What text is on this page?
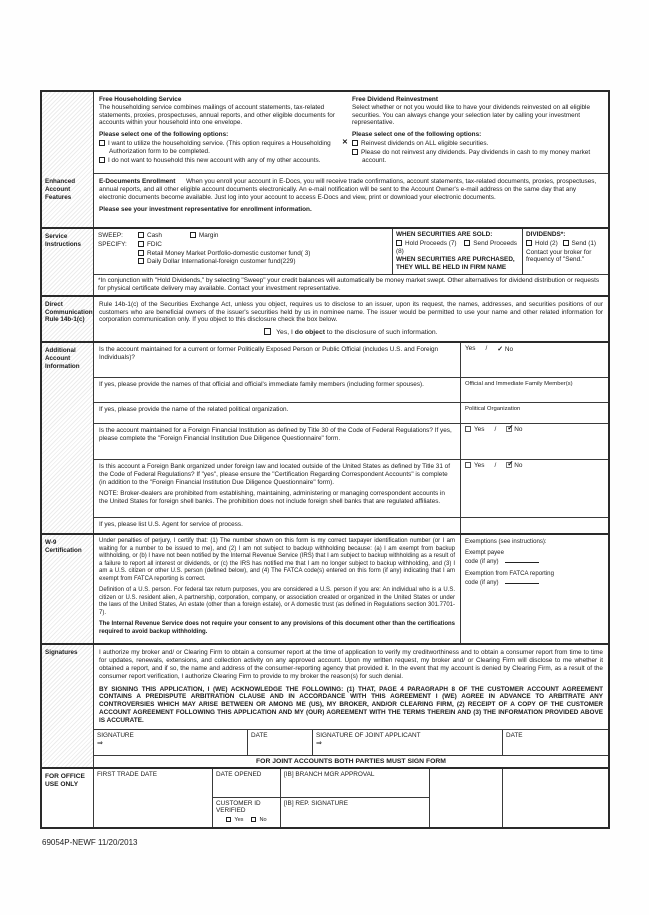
Enhanced Account Features
Free Householding Service
The householding service combines mailings of account statements, tax-related statements, proxies, prospectuses, annual reports, and other eligible documents for accounts within your household into one envelope.
Please select one of the following options:
I want to utilize the householding service. (This option requires a Householding Authorization form to be completed.
I do not want to household this new account with any of my other accounts.
Free Dividend Reinvestment
Select whether or not you would like to have your dividends reinvested on all eligible securities. You can always change your selection later by calling your investment representative.
Please select one of the following options:
✕Reinvest dividends on ALL eligible securities.
Please do not reinvest any dividends. Pay dividends in cash to my money market account.
E-Documents Enrollment When you enroll your account in E-Docs, you will receive trade confirmations, account statements, tax-related documents, proxies, prospectuses, annual reports, and all other eligible account documents electronically. An e-mail notification will be sent to the Account Owner's e-mail address on the same day that any electronic documents become available. Just log into your account to access E-Docs and view, print or download your electronic documents.
Please see your investment representative for enrollment information.
Service Instructions
SWEEP:	Cash	Margin
SPECIFY:	FDIC
Retail Money Market Portfolio-domestic customer fund( 3)
Daily Dollar International-foreign customer fund(229)
WHEN SECURITIES ARE SOLD:
Hold Proceeds (7)	Send Proceeds (8)
WHEN SECURITIES ARE PURCHASED, THEY WILL BE HELD IN FIRM NAME
DIVIDENDS*:
Hold (2) Send (1)
Contact your broker for frequency of "Send."
*In conjunction with "Hold Dividends," by selecting "Sweep" your credit balances will automatically be money market swept. Other alternatives for dividend distribution or requests for physical certificate delivery may available. Contact your investment representative.
Direct Communication Rule 14b-1(c)
Rule 14b-1(c) of the Securities Exchange Act, unless you object, requires us to disclose to an issuer, upon its request, the names, addresses, and securities positions of our customers who are beneficial owners of the issuer's securities held by us in nominee name. The issuer would be permitted to use your name and other related information for corporation communication only. If you object to this disclosure check the box below.
Yes, I do object to the disclosure of such information.
Additional Account Information
Is the account maintained for a current or former Politically Exposed Person or Public Official (includes U.S. and Foreign Individuals)?
Yes / ✓ No
If yes, please provide the names of that official and official's immediate family members (including former spouses).	Official and Immediate Family Member(s)
If yes, please provide the name of the related political organization.	Political Organization
Is the account maintained for a Foreign Financial Institution as defined by Title 30 of the Code of Federal Regulations? If yes, please complete the "Foreign Financial Institution Due Diligence Questionnaire" form.
Yes / ✓	No
Is this account a Foreign Bank organized under foreign law and located outside of the United States as defined by Title 31 of the Code of Federal Regulations? If "yes", please ensure the "Certification Regarding Correspondent Accounts" is complete (in addition to the "Foreign Financial Institution Due Diligence Questionnaire" form).
NOTE: Broker-dealers are prohibited from establishing, maintaining, administering or managing correspondent accounts in the United States for foreign shell banks. The prohibition does not include foreign shell banks that are regulated affiliates.
Yes / ✓	No
If yes, please list U.S. Agent for service of process.
W-9 Certification

Under penalties of perjury, I certify that: (1) The number shown on this form is my correct taxpayer identification number (or I am waiting for a number to be issued to me), and (2) I am not subject to backup withholding because: (a) I am exempt from backup withholding, or (b) I have not been notified by the Internal Revenue Service (IRS) that I am subject to backup withholding as a result of a failure to report all interest or dividends, or (c) the IRS has notified me that I am no longer subject to backup withholding, and (3) I am a U.S. citizen or other U.S. person (defined below), and (4) The FATCA code(s) entered on this form (if any) indicating that I am exempt from FATCA reporting is correct.

Definition of a U.S. person. For federal tax return purposes, you are considered a U.S. person if you are: An individual who is a U.S. citizen or U.S. resident alien, A partnership, corporation, company, or association created or organized in the United States or under the laws of the United States, An estate (other than a foreign estate), or A domestic trust (as defined in Regulations section 301.7701-7).

The Internal Revenue Service does not require your consent to any provisions of this document other than the certifications required to avoid backup withholding.

Exemptions (see instructions):
Exempt payee
code (if any)
Exemption from FATCA reporting
code (if any)
Signatures	I authorize my broker and/ or Clearing Firm to obtain a consumer report at the time of application to verify my creditworthiness and to obtain a consumer report from time to time for updates, renewals, extensions, and collection activity on any approved account. Upon my written request, my broker and/ or Clearing Firm will disclose to me whether it obtained a report, and if so, the name and address of the consumer-reporting agency that provided it. In the event that my account is denied by Clearing Firm, as a result of the consumer report verification, I authorize Clearing Firm to provide to my broker the reason(s) for such denial.

BY SIGNING THIS APPLICATION, I (WE) ACKNOWLEDGE THE FOLLOWING: (1) THAT, PAGE 4 PARAGRAPH 8 OF THE CUSTOMER ACCOUNT AGREEMENT CONTAINS A PREDISPUTE ARBITRATION CLAUSE AND IN ACCORDANCE WITH THIS AGREEMENT I (WE) AGREE IN ADVANCE TO ARBITRATE ANY CONTROVERSIES WHICH MAY ARISE BETWEEN OR AMONG ME (US), MY BROKER, AND/OR CLEARING FIRM, (2) RECEIPT OF A COPY OF THE CUSTOMER ACCOUNT AGREEMENT FOLLOWING THIS APPLICATION AND MY (OUR) AGREEMENT WITH THE TERMS THEREIN AND (3) THE INFORMATION PROVIDED ABOVE IS ACCURATE.

SIGNATURE
⇒
DATE	SIGNATURE OF JOINT APPLICANT
⇒
DATE
FOR JOINT ACCOUNTS BOTH PARTIES MUST SIGN FORM
FOR OFFICE USE ONLY
FIRST TRADE DATE	DATE OPENED
CUSTOMER ID
VERIFIED
Yes	No
[IB] BRANCH MGR APPROVAL
[IB] REP. SIGNATURE
69054P-NEWF 11/20/2013
